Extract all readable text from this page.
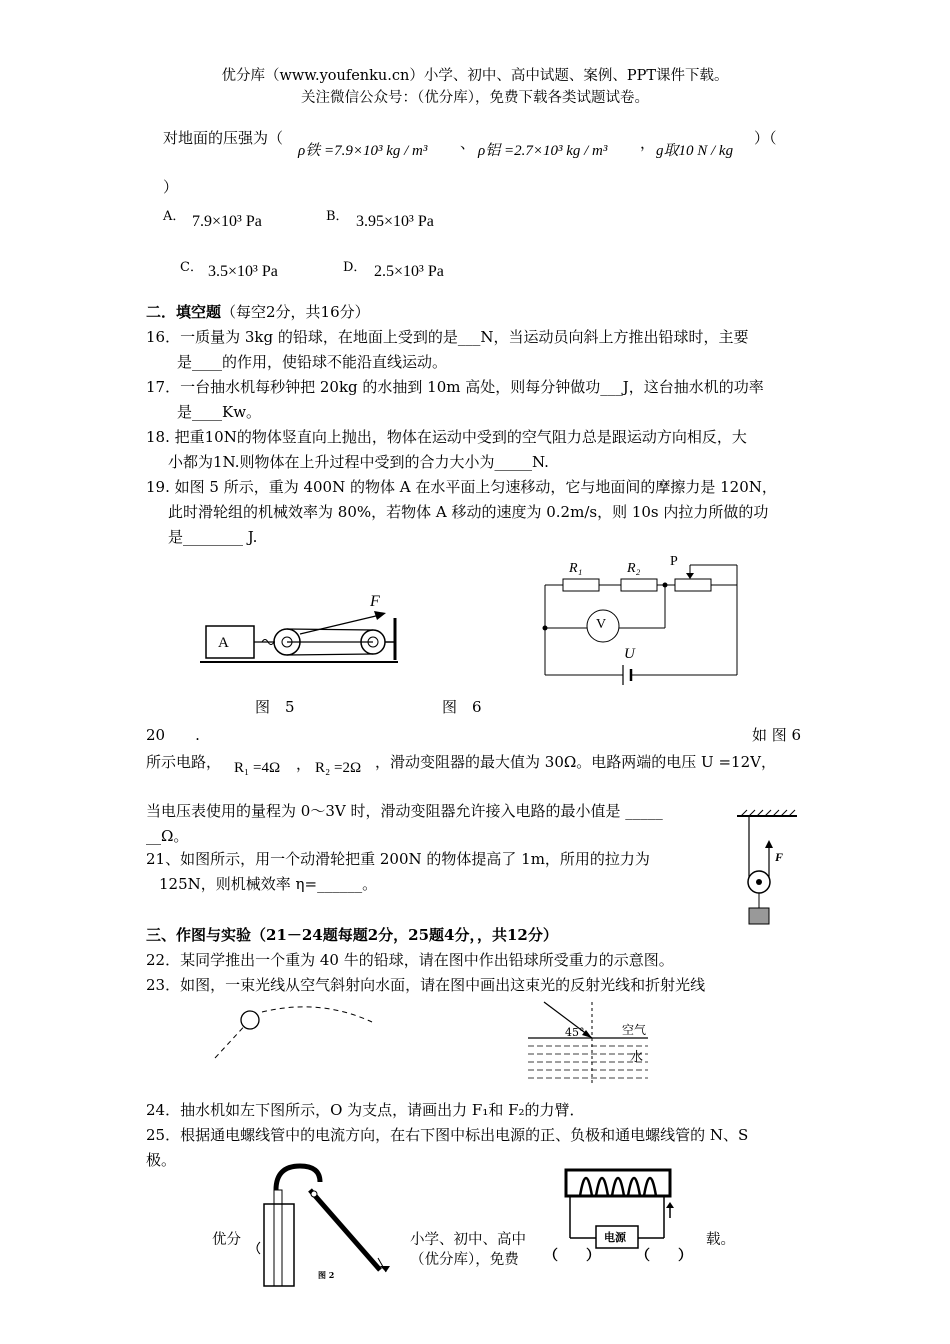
优分库（www.youfenku.cn）小学、初中、高中试题、案例、PPT课件下载。
关注微信公众号：（优分库），免费下载各类试题试卷。
对地面的压强为（
ρ铁 =7.9×10³ kg / m³ 、 ρ铝 =2.7×10³ kg / m³ ， g取10 N / kg
）（
）
A． 7.9×10³ Pa	B． 3.95×10³ Pa
C． 3.5×10³ Pa	D． 2.5×10³ Pa
二．填空题（每空2分，共16分）
16．一质量为 3kg 的铅球，在地面上受到的是___N，当运动员向斜上方推出铅球时，主要
是____的作用，使铅球不能沿直线运动。
17．一台抽水机每秒钟把 20kg 的水抽到 10m 高处，则每分钟做功___J，这台抽水机的功率
是____Kw。
18. 把重10N的物体竖直向上抛出，物体在运动中受到的空气阻力总是跟运动方向相反，大
小都为1N.则物体在上升过程中受到的合力大小为_____N.
19. 如图 5 所示，重为 400N 的物体 A 在水平面上匀速移动，它与地面间的摩擦力是 120N，
此时滑轮组的机械效率为 80%，若物体 A 移动的速度为 0.2m/s，则 10s 内拉力所做的功
是________ J.
A
F
图　5
R₁	R₂ P
V
U
图　6
20　　.	如 图 6
所示电路， R₁ =4Ω ， R₂ =2Ω ，滑动变阻器的最大值为 30Ω。电路两端的电压 U =12V，
当电压表使用的量程为 0～3V 时，滑动变阻器允许接入电路的最小值是 _____
__Ω。
F
21、如图所示，用一个动滑轮把重 200N 的物体提高了 1m，所用的拉力为
125N，则机械效率 η=______。
三、作图与实验（21－24题每题2分，25题4分，，共12分）
22．某同学推出一个重为 40 牛的铅球，请在图中作出铅球所受重力的示意图。
23．如图，一束光线从空气斜射向水面，请在图中画出这束光的反射光线和折射光线
45°	空气
水
24．抽水机如左下图所示，O 为支点，请画出力 F₁和 F₂的力臂．
25．根据通电螺线管中的电流方向，在右下图中标出电源的正、负极和通电螺线管的 N、S
极。
图 2
电源
（　　）	（　　）
优分	小学、初中、高中	载。
（优分库），免费
